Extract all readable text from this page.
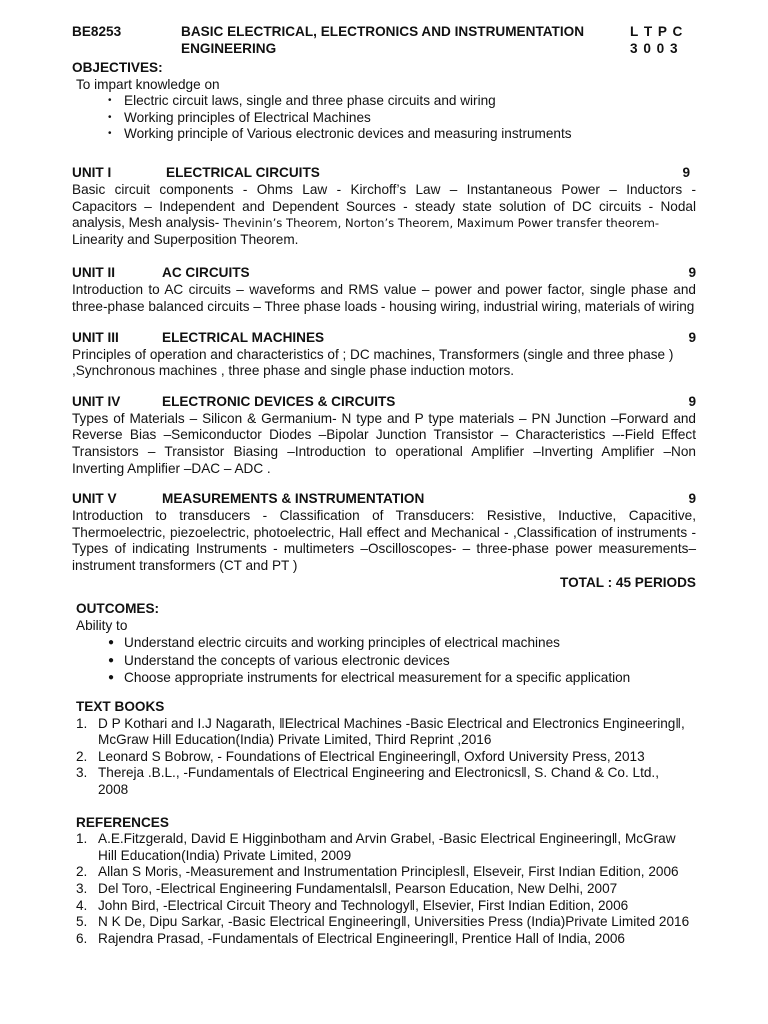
BE8253	BASIC ELECTRICAL, ELECTRONICS AND INSTRUMENTATION
ENGINEERING
L T P C
3 0 0 3
OBJECTIVES:
To impart knowledge on
• Electric circuit laws, single and three phase circuits and wiring
• Working principles of Electrical Machines
• Working principle of Various electronic devices and measuring instruments
UNIT I	ELECTRICAL CIRCUITS	9
Basic circuit components - Ohms Law - Kirchoff’s Law – Instantaneous Power – Inductors -
Capacitors – Independent and Dependent Sources - steady state solution of DC circuits - Nodal
analysis, Mesh analysis- Thevinin’s Theorem, Norton’s Theorem, Maximum Power transfer theorem-
Linearity and Superposition Theorem.
UNIT II	AC CIRCUITS	9
Introduction to AC circuits – waveforms and RMS value – power and power factor, single phase and three-phase balanced circuits – Three phase loads - housing wiring, industrial wiring, materials of wiring
UNIT III	ELECTRICAL MACHINES	9
Principles of operation and characteristics of ; DC machines, Transformers (single and three phase )
,Synchronous machines , three phase and single phase induction motors.
UNIT IV	ELECTRONIC DEVICES & CIRCUITS	9
Types of Materials – Silicon & Germanium- N type and P type materials – PN Junction –Forward and Reverse Bias –Semiconductor Diodes –Bipolar Junction Transistor – Characteristics –-Field Effect Transistors – Transistor Biasing –Introduction to operational Amplifier –Inverting Amplifier –Non Inverting Amplifier –DAC – ADC .
UNIT V	MEASUREMENTS & INSTRUMENTATION	9
Introduction to transducers - Classification of Transducers: Resistive, Inductive, Capacitive, Thermoelectric, piezoelectric, photoelectric, Hall effect and Mechanical - ,Classification of instruments - Types of indicating Instruments - multimeters –Oscilloscopes- – three-phase power measurements– instrument transformers (CT and PT )
TOTAL : 45 PERIODS
OUTCOMES:
Ability to
● Understand electric circuits and working principles of electrical machines
● Understand the concepts of various electronic devices
● Choose appropriate instruments for electrical measurement for a specific application
TEXT BOOKS
1. D P Kothari and I.J Nagarath, ‖Electrical Machines -Basic Electrical and Electronics Engineering‖,
McGraw Hill Education(India) Private Limited, Third Reprint ,2016
2. Leonard S Bobrow, - Foundations of Electrical Engineering‖, Oxford University Press, 2013
3. Thereja .B.L., -Fundamentals of Electrical Engineering and Electronics‖, S. Chand & Co. Ltd.,
2008
REFERENCES
1. A.E.Fitzgerald, David E Higginbotham and Arvin Grabel, -Basic Electrical Engineering‖, McGraw
Hill Education(India) Private Limited, 2009
2. Allan S Moris, -Measurement and Instrumentation Principles‖, Elseveir, First Indian Edition, 2006
3. Del Toro, -Electrical Engineering Fundamentals‖, Pearson Education, New Delhi, 2007
4. John Bird, -Electrical Circuit Theory and Technology‖, Elsevier, First Indian Edition, 2006
5. N K De, Dipu Sarkar, -Basic Electrical Engineering‖, Universities Press (India)Private Limited 2016
6. Rajendra Prasad, -Fundamentals of Electrical Engineering‖, Prentice Hall of India, 2006
